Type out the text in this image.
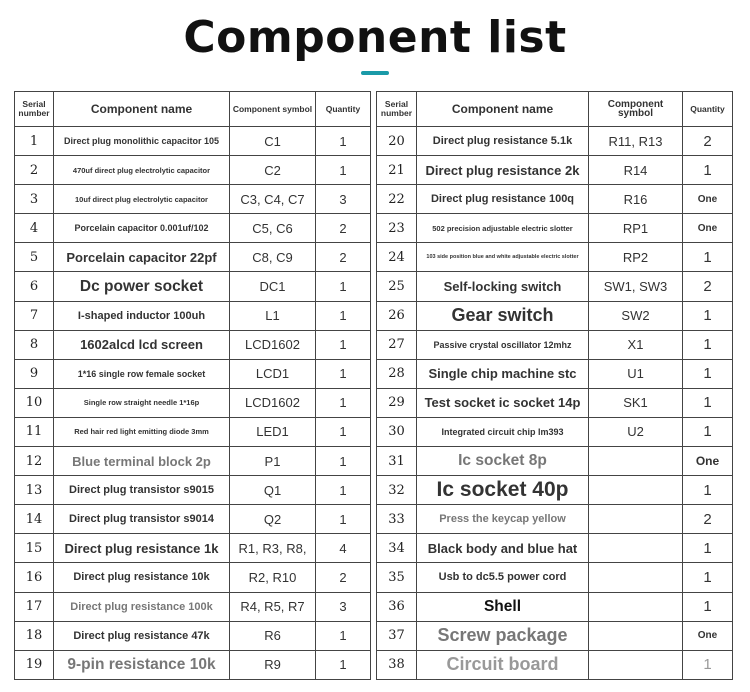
Component list
Serial number	Component name	Component symbol	Quantity
1	Direct plug monolithic capacitor 105	C1	1
2	470uf direct plug electrolytic capacitor	C2	1
3	10uf direct plug electrolytic capacitor	C3, C4, C7	3
4	Porcelain capacitor 0.001uf/102	C5, C6	2
5	Porcelain capacitor 22pf	C8, C9	2
6	Dc power socket	DC1	1
7	I-shaped inductor 100uh	L1	1
8	1602alcd lcd screen	LCD1602	1
9	1*16 single row female socket	LCD1	1
10	Single row straight needle 1*16p	LCD1602	1
11	Red hair red light emitting diode 3mm	LED1	1
12	Blue terminal block 2p	P1	1
13	Direct plug transistor s9015	Q1	1
14	Direct plug transistor s9014	Q2	1
15	Direct plug resistance 1k	R1, R3, R8,	4
16	Direct plug resistance 10k	R2, R10	2
17	Direct plug resistance 100k	R4, R5, R7	3
18	Direct plug resistance 47k	R6	1
19	9-pin resistance 10k	R9	1
Serial number	Component name	Component symbol	Quantity
20	Direct plug resistance 5.1k	R11, R13	2
21	Direct plug resistance 2k	R14	1
22	Direct plug resistance 100q	R16	One
23	502 precision adjustable electric slotter	RP1	One
24	103 side position blue and white adjustable electric slotter	RP2	1
25	Self-locking switch	SW1, SW3	2
26	Gear switch	SW2	1
27	Passive crystal oscillator 12mhz	X1	1
28	Single chip machine stc	U1	1
29	Test socket ic socket 14p	SK1	1
30	Integrated circuit chip lm393	U2	1
31	Ic socket 8p		One
32	Ic socket 40p		1
33	Press the keycap yellow		2
34	Black body and blue hat		1
35	Usb to dc5.5 power cord		1
36	Shell		1
37	Screw package		One
38	Circuit board		1
